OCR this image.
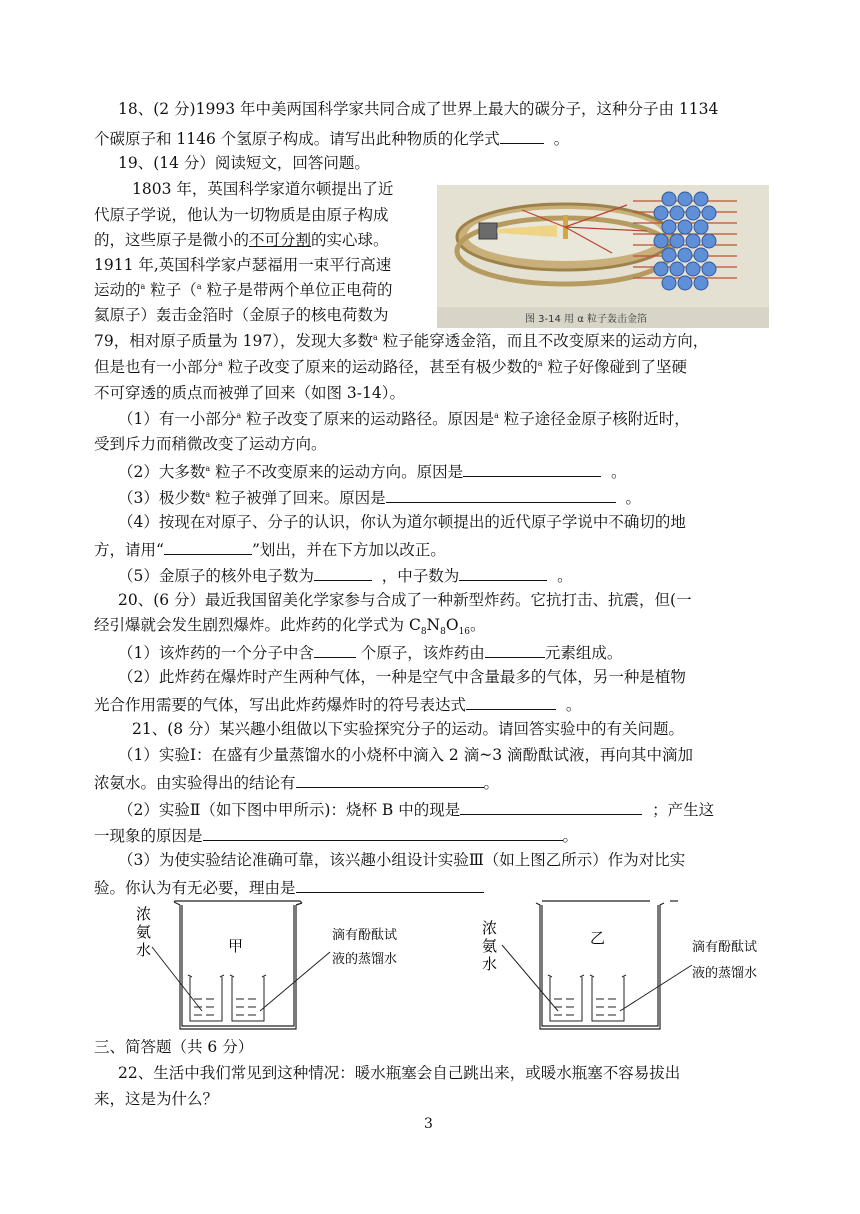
18、(2 分)1993 年中美两国科学家共同合成了世界上最大的碳分子，这种分子由 1134
个碳原子和 1146 个氢原子构成。请写出此种物质的化学式	。
19、(14 分）阅读短文，回答问题。
1803 年，英国科学家道尔顿提出了近
代原子学说，他认为一切物质是由原子构成
的，这些原子是微小的不可分割的实心球。
1911 年,英国科学家卢瑟福用一束平行高速
运动的$^a$ 粒子（$^a$ 粒子是带两个单位正电荷的
氦原子）轰击金箔时（金原子的核电荷数为
79，相对原子质量为 197），发现大多数$^a$ 粒子能穿透金箔，而且不改变原来的运动方向，
但是也有一小部分$^a$ 粒子改变了原来的运动路径，甚至有极少数的$^a$ 粒子好像碰到了坚硬
不可穿透的质点而被弹了回来（如图 3-14）。
图 3-14 用 α 粒子轰击金箔
（1）有一小部分$^a$ 粒子改变了原来的运动路径。原因是$^a$ 粒子途径金原子核附近时，
受到斥力而稍微改变了运动方向。
（2）大多数$^a$ 粒子不改变原来的运动方向。原因是	。
（3）极少数$^a$ 粒子被弹了回来。原因是	。
（4）按现在对原子、分子的认识，你认为道尔顿提出的近代原子学说中不确切的地
方，请用“	”划出，并在下方加以改正。
（5）金原子的核外电子数为	，中子数为	。
20、(6 分）最近我国留美化学家参与合成了一种新型炸药。它抗打击、抗震，但(一
经引爆就会发生剧烈爆炸。此炸药的化学式为 $C_8N_8O_{16}$。
（1）该炸药的一个分子中含	个原子，该炸药由	元素组成。
（2）此炸药在爆炸时产生两种气体，一种是空气中含量最多的气体，另一种是植物
光合作用需要的气体，写出此炸药爆炸时的符号表达式	。
21、(8 分）某兴趣小组做以下实验探究分子的运动。请回答实验中的有关问题。
（1）实验Ⅰ：在盛有少量蒸馏水的小烧杯中滴入 2 滴~3 滴酚酞试液，再向其中滴加
浓氨水。由实验得出的结论有	。
（2）实验Ⅱ（如下图中甲所示)：烧杯 B 中的现是	；产生这
一现象的原因是	。
（3）为使实验结论准确可靠，该兴趣小组设计实验Ⅲ（如上图乙所示）作为对比实
验。你认为有无必要，理由是
浓
氨
水	甲
滴有酚酞试
液的蒸馏水
浓
氨
水
乙
滴有酚酞试
液的蒸馏水
三、简答题（共 6 分）
22、生活中我们常见到这种情况：暖水瓶塞会自己跳出来，或暖水瓶塞不容易拔出
来，这是为什么？
3
